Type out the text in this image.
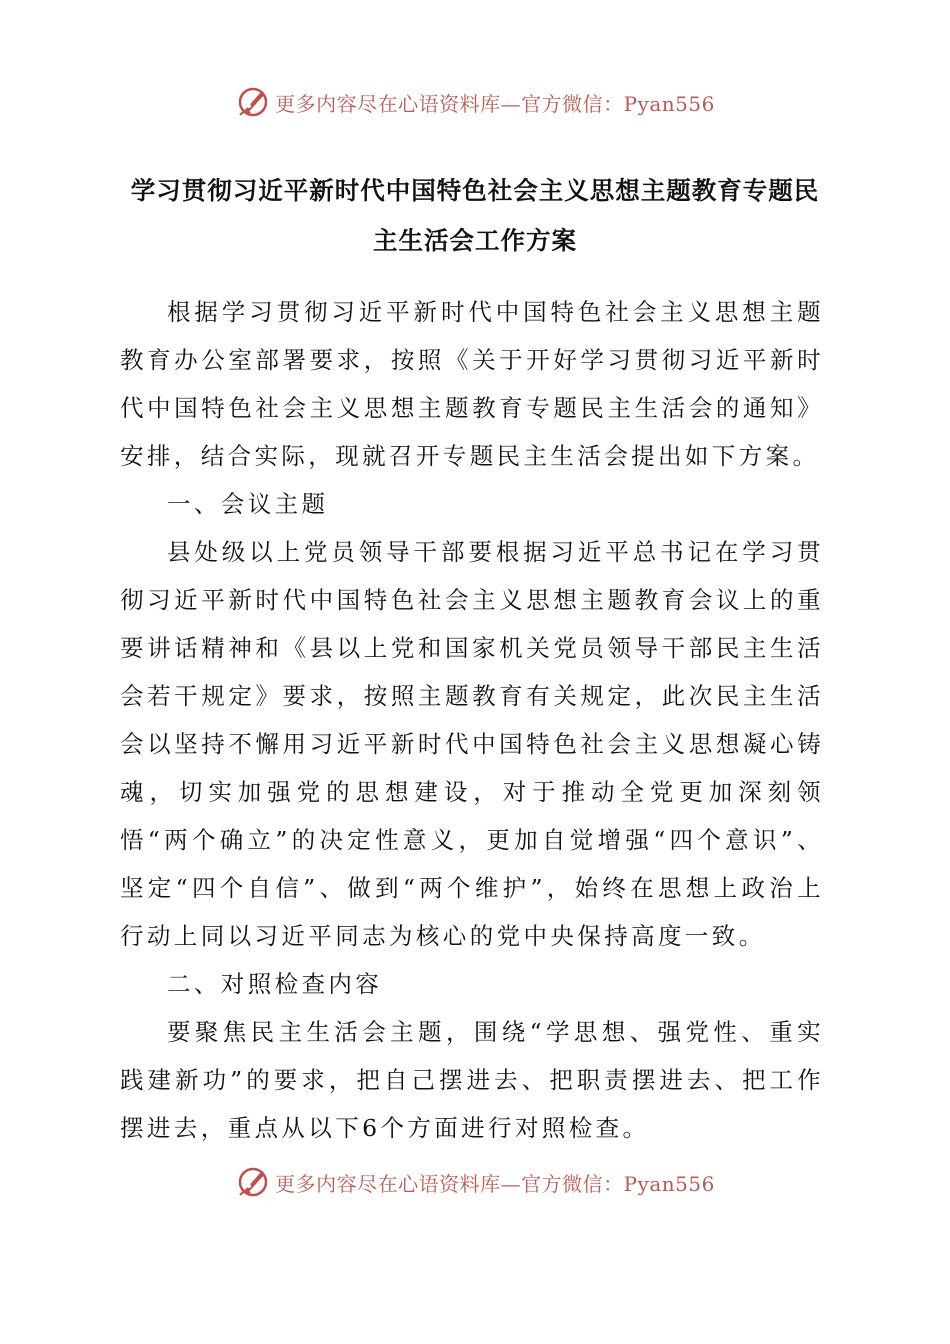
更多内容尽在心语资料库—官方微信：Pyan556
学习贯彻习近平新时代中国特色社会主义思想主题教育专题民
主生活会工作方案

根据学习贯彻习近平新时代中国特色社会主义思想主题教育办公室部署要求，按照《关于开好学习贯彻习近平新时代中国特色社会主义思想主题教育专题民主生活会的通知》安排，结合实际，现就召开专题民主生活会提出如下方案。

一、会议主题

县处级以上党员领导干部要根据习近平总书记在学习贯彻习近平新时代中国特色社会主义思想主题教育会议上的重要讲话精神和《县以上党和国家机关党员领导干部民主生活会若干规定》要求，按照主题教育有关规定，此次民主生活会以坚持不懈用习近平新时代中国特色社会主义思想凝心铸魂，切实加强党的思想建设，对于推动全党更加深刻领悟“两个确立”的决定性意义，更加自觉增强“四个意识”、坚定“四个自信”、做到“两个维护”，始终在思想上政治上行动上同以习近平同志为核心的党中央保持高度一致。

二、对照检查内容

要聚焦民主生活会主题，围绕“学思想、强党性、重实践建新功”的要求，把自己摆进去、把职责摆进去、把工作摆进去，重点从以下6个方面进行对照检查。

更多内容尽在心语资料库—官方微信：Pyan556
